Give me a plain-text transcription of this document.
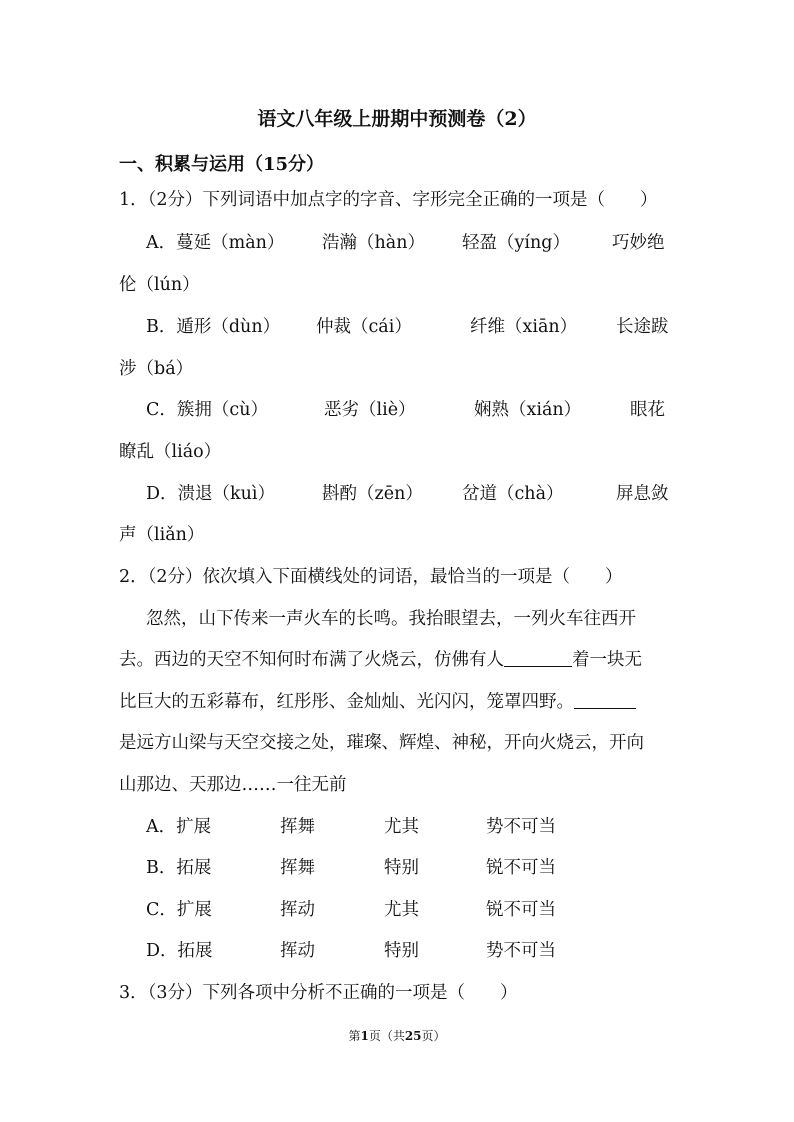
语文八年级上册期中预测卷（2）
一、积累与运用（15分）
1．（2分）下列词语中加点字的字音、字形完全正确的一项是（　　）
A．蔓延（màn） 浩瀚（hàn） 轻盈（yíng） 巧妙绝
伦（lún）
B．遁形（dùn） 仲裁（cái）	纤维（xiān） 长途跋
涉（bá）
C．簇拥（cù）	恶劣（liè）	娴熟（xián）	眼花
瞭乱（liáo）
D．溃退（kuì）	斟酌（zēn） 岔道（chà）	屏息敛
声（liǎn）
2．（2分）依次填入下面横线处的词语，最恰当的一项是（　　）
忽然，山下传来一声火车的长鸣。我抬眼望去，一列火车往西开
去。西边的天空不知何时布满了火烧云，仿佛有人	着一块无
比巨大的五彩幕布，红彤彤、金灿灿、光闪闪，笼罩四野。
是远方山梁与天空交接之处，璀璨、辉煌、神秘，开向火烧云，开向
山那边、天那边……一往无前
A．扩展	挥舞	尤其	势不可当
B．拓展	挥舞	特别	锐不可当
C．扩展	挥动	尤其	锐不可当
D．拓展	挥动	特别	势不可当
3．（3分）下列各项中分析不正确的一项是（　　）
第1页（共25页）
